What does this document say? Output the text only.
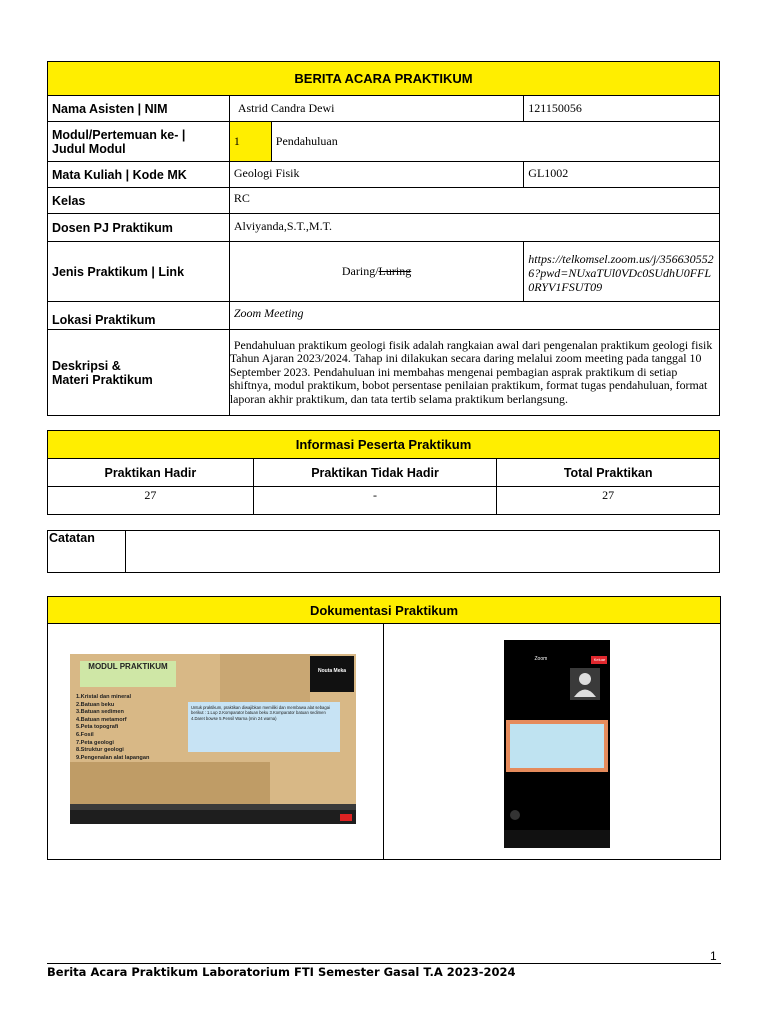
BERITA ACARA PRAKTIKUM			
Nama Asisten | NIM	Astrid Candra Dewi		121150056

Modul/Pertemuan ke- |
Judul Modul	1	Pendahuluan	
Mata Kuliah | Kode MK	Geologi Fisik		GL1002
Kelas	RC		
Dosen PJ Praktikum	Alviyanda,S.T.,M.T.		
Jenis Praktikum | Link	Daring/Luring		https://telkomsel.zoom.us/j/3566305526?pwd=NUxaTUl0VDc0SUdhU0FFL0RYV1FSUT09
Lokasi Praktikum	Zoom Meeting		

Deskripsi &
Materi Praktikum	Pendahuluan praktikum geologi fisik adalah rangkaian awal dari pengenalan praktikum geologi fisik Tahun Ajaran 2023/2024. Tahap ini dilakukan secara daring melalui zoom meeting pada tanggal 10 September 2023. Pendahuluan ini membahas mengenai pembagian asprak praktikum di setiap shiftnya, modul praktikum, bobot persentase penilaian praktikum, format tugas pendahuluan, format laporan akhir praktikum, dan tata tertib selama praktikum berlangsung.		
Informasi Peserta Praktikum		
Praktikan Hadir	Praktikan Tidak Hadir	Total Praktikan
27	-	27
Catatan	
Dokumentasi Praktikum

MODUL PRAKTIKUM
1.Kristal dan mineral
2.Batuan beku
3.Batuan sedimen
4.Batuan metamorf
5.Peta topografi
6.Fosil
7.Peta geologi
8.Struktur geologi
9.Pengenalan alat lapangan
Untuk praktikum, praktikan diwajibkan memiliki dan membawa alat sebagai berikut : 1.Lup 2.Komparator batuan beku 3.Komparator batuan sedimen 4.Daret bowse 5.Pensil Warna (min 24 warna)
Nouta Meka

Zoom	Keluar
1
Berita Acara Praktikum Laboratorium FTI Semester Gasal T.A 2023-2024
